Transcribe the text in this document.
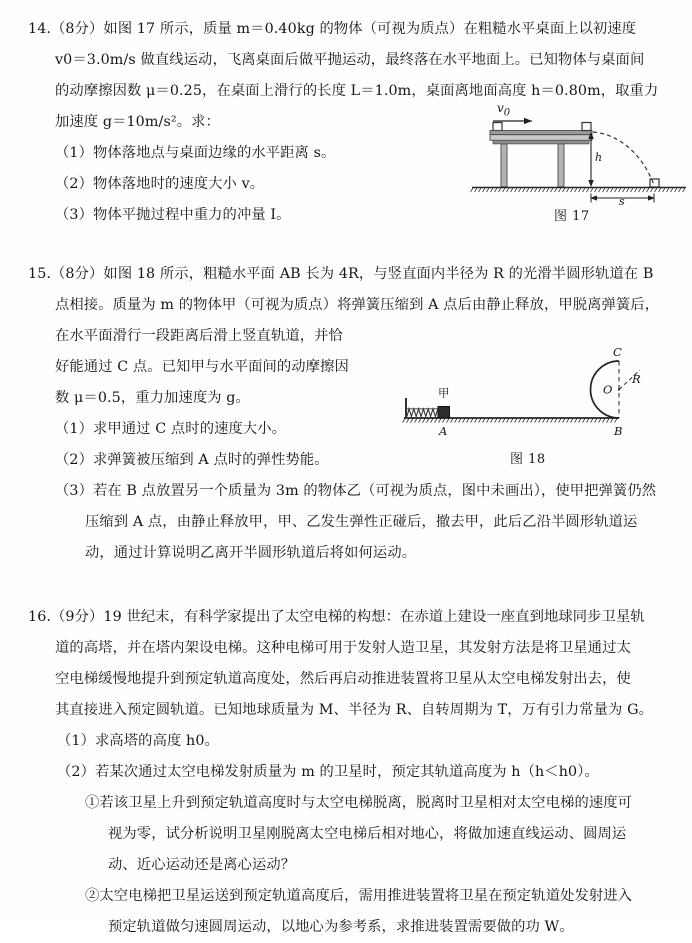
14.（8分）如图 17 所示，质量 m＝0.40kg 的物体（可视为质点）在粗糙水平桌面上以初速度
v0＝3.0m/s 做直线运动，飞离桌面后做平抛运动，最终落在水平地面上。已知物体与桌面间
的动摩擦因数 μ＝0.25，在桌面上滑行的长度 L＝1.0m，桌面离地面高度 h＝0.80m，取重力
加速度 g＝10m/s²。求：
（1）物体落地点与桌面边缘的水平距离 s。
（2）物体落地时的速度大小 v。
（3）物体平抛过程中重力的冲量 I。
h
s
$v_0$
图 17
15.（8分）如图 18 所示，粗糙水平面 AB 长为 4R，与竖直面内半径为 R 的光滑半圆形轨道在 B
点相接。质量为 m 的物体甲（可视为质点）将弹簧压缩到 A 点后由静止释放，甲脱离弹簧后，
在水平面滑行一段距离后滑上竖直轨道，并恰
好能通过 C 点。已知甲与水平面间的动摩擦因
数 μ＝0.5，重力加速度为 g。
（1）求甲通过 C 点时的速度大小。
（2）求弹簧被压缩到 A 点时的弹性势能。
（3）若在 B 点放置另一个质量为 3m 的物体乙（可视为质点，图中未画出），使甲把弹簧仍然
压缩到 A 点，由静止释放甲，甲、乙发生弹性正碰后，撤去甲，此后乙沿半圆形轨道运
动，通过计算说明乙离开半圆形轨道后将如何运动。
O
R
C
A	B
甲
图 18
16.（9分）19 世纪末，有科学家提出了太空电梯的构想：在赤道上建设一座直到地球同步卫星轨
道的高塔，并在塔内架设电梯。这种电梯可用于发射人造卫星，其发射方法是将卫星通过太
空电梯缓慢地提升到预定轨道高度处，然后再启动推进装置将卫星从太空电梯发射出去，使
其直接进入预定圆轨道。已知地球质量为 M、半径为 R、自转周期为 T，万有引力常量为 G。
（1）求高塔的高度 h0。
（2）若某次通过太空电梯发射质量为 m 的卫星时，预定其轨道高度为 h（h＜h0）。
①若该卫星上升到预定轨道高度时与太空电梯脱离，脱离时卫星相对太空电梯的速度可
视为零，试分析说明卫星刚脱离太空电梯后相对地心，将做加速直线运动、圆周运
动、近心运动还是离心运动？
②太空电梯把卫星运送到预定轨道高度后，需用推进装置将卫星在预定轨道处发射进入
预定轨道做匀速圆周运动，以地心为参考系，求推进装置需要做的功 W。
